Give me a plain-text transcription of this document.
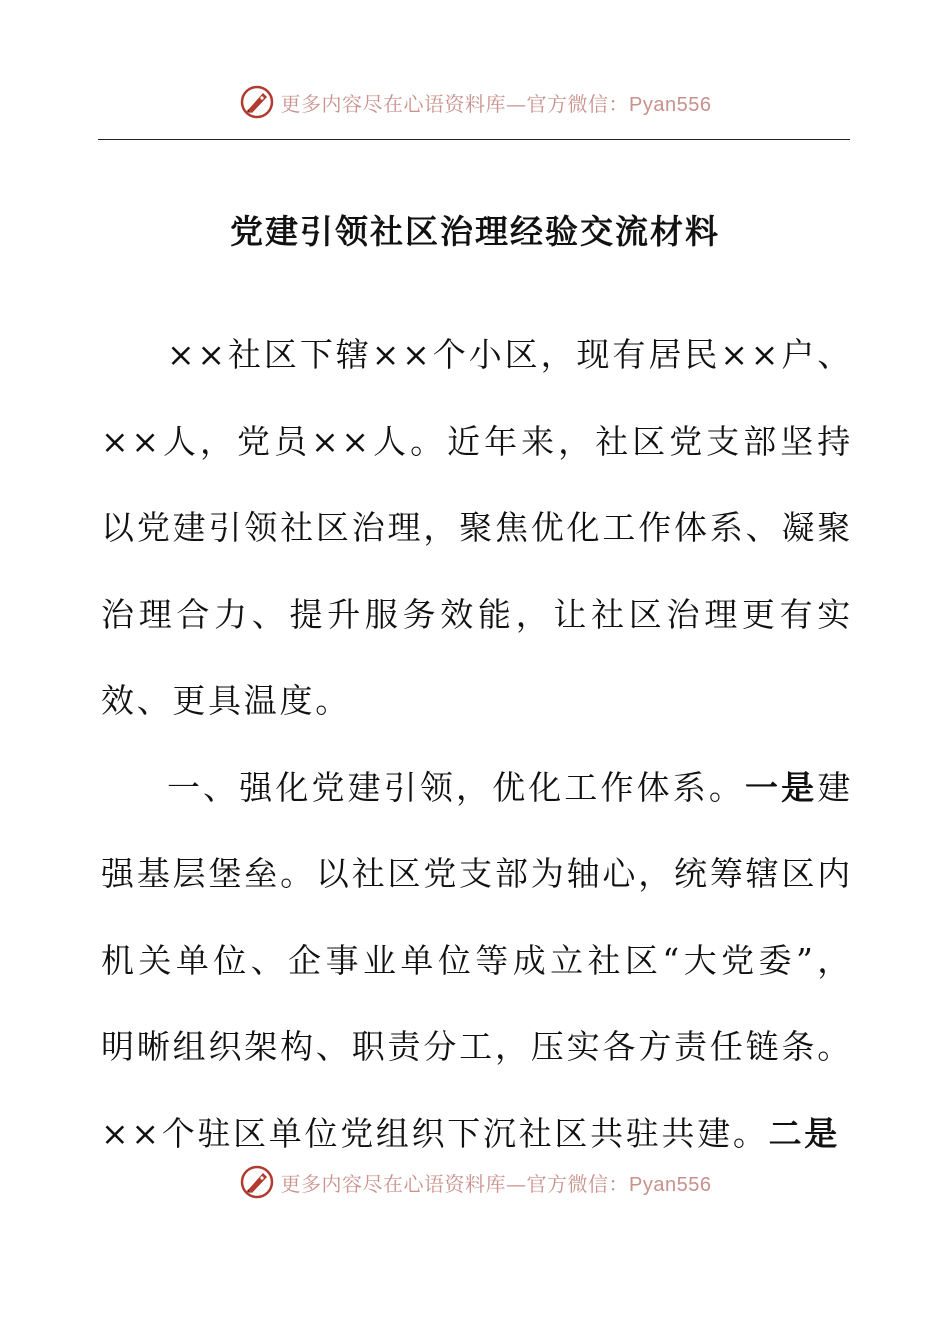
更多内容尽在心语资料库—官方微信：Pyan556
党建引领社区治理经验交流材料

××社区下辖××个小区，现有居民××户、××人，党员××人。近年来，社区党支部坚持以党建引领社区治理，聚焦优化工作体系、凝聚治理合力、提升服务效能，让社区治理更有实效、更具温度。

一、强化党建引领，优化工作体系。一是建强基层堡垒。以社区党支部为轴心，统筹辖区内机关单位、企事业单位等成立社区“大党委”，明晰组织架构、职责分工，压实各方责任链条。××个驻区单位党组织下沉社区共驻共建。二是

更多内容尽在心语资料库—官方微信：Pyan556
